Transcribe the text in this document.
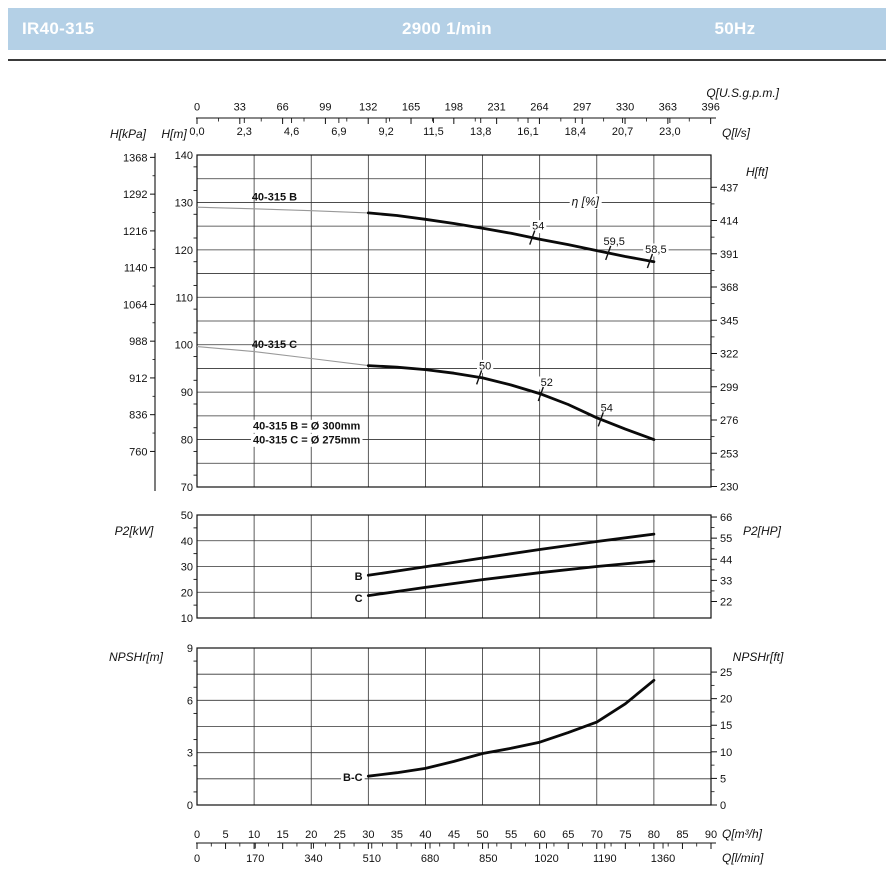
IR40-315	2900 1/min	50Hz
0	33	66	99 132 165 198 231 264 297 330 363 396
Q[U.S.g.p.m.]
0,0	2,3	4,6	6,9	9,2	11,5 13,8 16,1 18,4 20,7 23,0	Q[l/s]
140
130
120
110
100
90
80
70
H[m]
1368
1292
1216
1140
1064
988
912
836
760
H[kPa]
437
414
391
368
345
322
299
276
253
230
H[ft]
40-315 B = Ø 300mm
40-315 C = Ø 275mm
η [%]
54
59,5
58,5
50
52
54
40-315 B
40-315 C
50
40
30
20
10
P2[kW]
66
55
44
33
22
P2[HP]
B
C
9
6
3
0
NPSHr[m]
25
20
15
10
5
0
NPSHr[ft]
B-C
0 5 10 15 20 25 30 35 40 45 50 55 60 65 70 75 80 85 90
0	170	340	510	680	850	1020	1190	1360
Q[m³/h]
Q[l/min]
